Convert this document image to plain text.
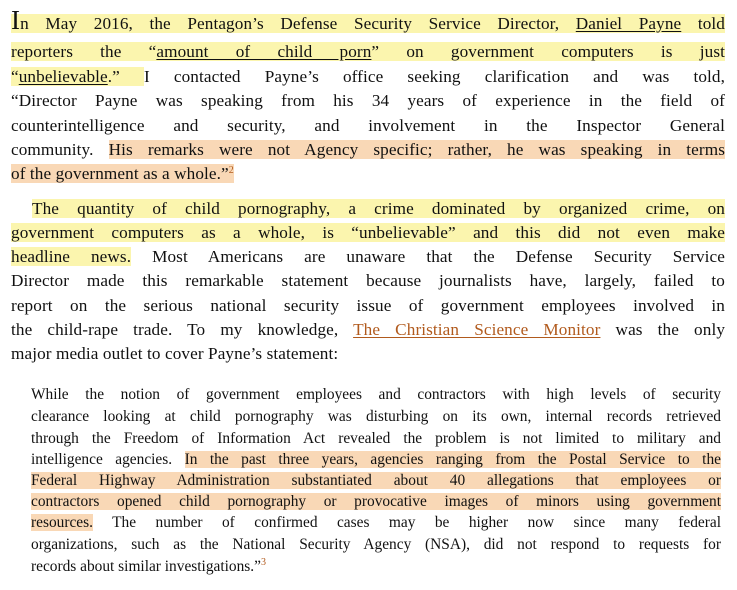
In May 2016, the Pentagon’s Defense Security Service Director, Daniel Payne told
reporters the “amount of child porn” on government computers is just
“unbelievable.” I contacted Payne’s office seeking clarification and was told,
“Director Payne was speaking from his 34 years of experience in the field of
counterintelligence and security, and involvement in the Inspector General
community. His remarks were not Agency specific; rather, he was speaking in terms
of the government as a whole.”$^2$
The quantity of child pornography, a crime dominated by organized crime, on
government computers as a whole, is “unbelievable” and this did not even make
headline news. Most Americans are unaware that the Defense Security Service
Director made this remarkable statement because journalists have, largely, failed to
report on the serious national security issue of government employees involved in
the child-rape trade. To my knowledge, The Christian Science Monitor was the only
major media outlet to cover Payne’s statement:
While the notion of government employees and contractors with high levels of security
clearance looking at child pornography was disturbing on its own, internal records retrieved
through the Freedom of Information Act revealed the problem is not limited to military and
intelligence agencies. In the past three years, agencies ranging from the Postal Service to the
Federal Highway Administration substantiated about 40 allegations that employees or
contractors opened child pornography or provocative images of minors using government
resources. The number of confirmed cases may be higher now since many federal
organizations, such as the National Security Agency (NSA), did not respond to requests for
records about similar investigations.”$^3$
